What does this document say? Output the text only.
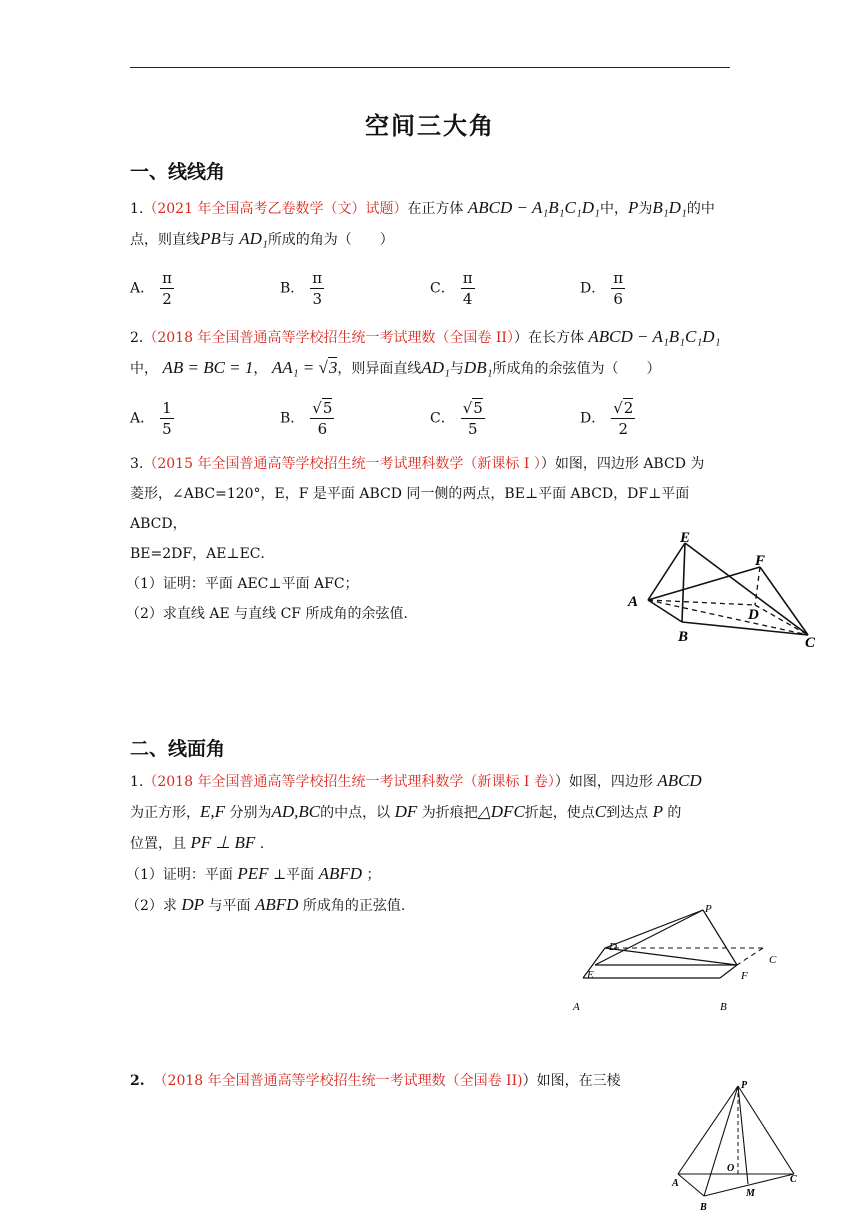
空间三大角
一、线线角
1.（2021 年全国高考乙卷数学（文）试题）在正方体 ABCD − A₁B₁C₁D₁中，P为B₁D₁的中
点，则直线PB与 AD₁所成的角为（　　）
A． $\frac{\pi}{2}$	B． $\frac{\pi}{3}$	C． $\frac{\pi}{4}$	D． $\frac{\pi}{6}$
2.（2018 年全国普通高等学校招生统一考试理数（全国卷 II））在长方体 ABCD − A₁B₁C₁D₁
中， AB = BC = 1， AA₁ = √3，则异面直线AD₁与DB₁所成角的余弦值为（　　）
A． $\frac{1}{5}$	B． $\frac{√5}{6}$	C． $\frac{√5}{5}$	D． $\frac{√2}{2}$
3.（2015 年全国普通高等学校招生统一考试理科数学（新课标 I ））如图，四边形 ABCD 为
菱形，∠ABC=120°，E，F 是平面 ABCD 同一侧的两点，BE⊥平面 ABCD，DF⊥平面 ABCD，
BE=2DF，AE⊥EC．
（1）证明：平面 AEC⊥平面 AFC；
（2）求直线 AE 与直线 CF 所成角的余弦值．
E
F
A
D
B	C
二、线面角
1.（2018 年全国普通高等学校招生统一考试理科数学（新课标 I 卷））如图，四边形 ABCD
为正方形，E,F 分别为AD,BC的中点，以 DF 为折痕把△DFC折起，使点C到达点 P 的
位置，且 PF ⊥ BF .
（1）证明：平面 PEF ⊥平面 ABFD ；
（2）求 DP 与平面 ABFD 所成角的正弦值.	P
D
C
E	F
A	B
2. （2018 年全国普通高等学校招生统一考试理数（全国卷 II)）如图，在三棱	P
O
A	C
M
B
